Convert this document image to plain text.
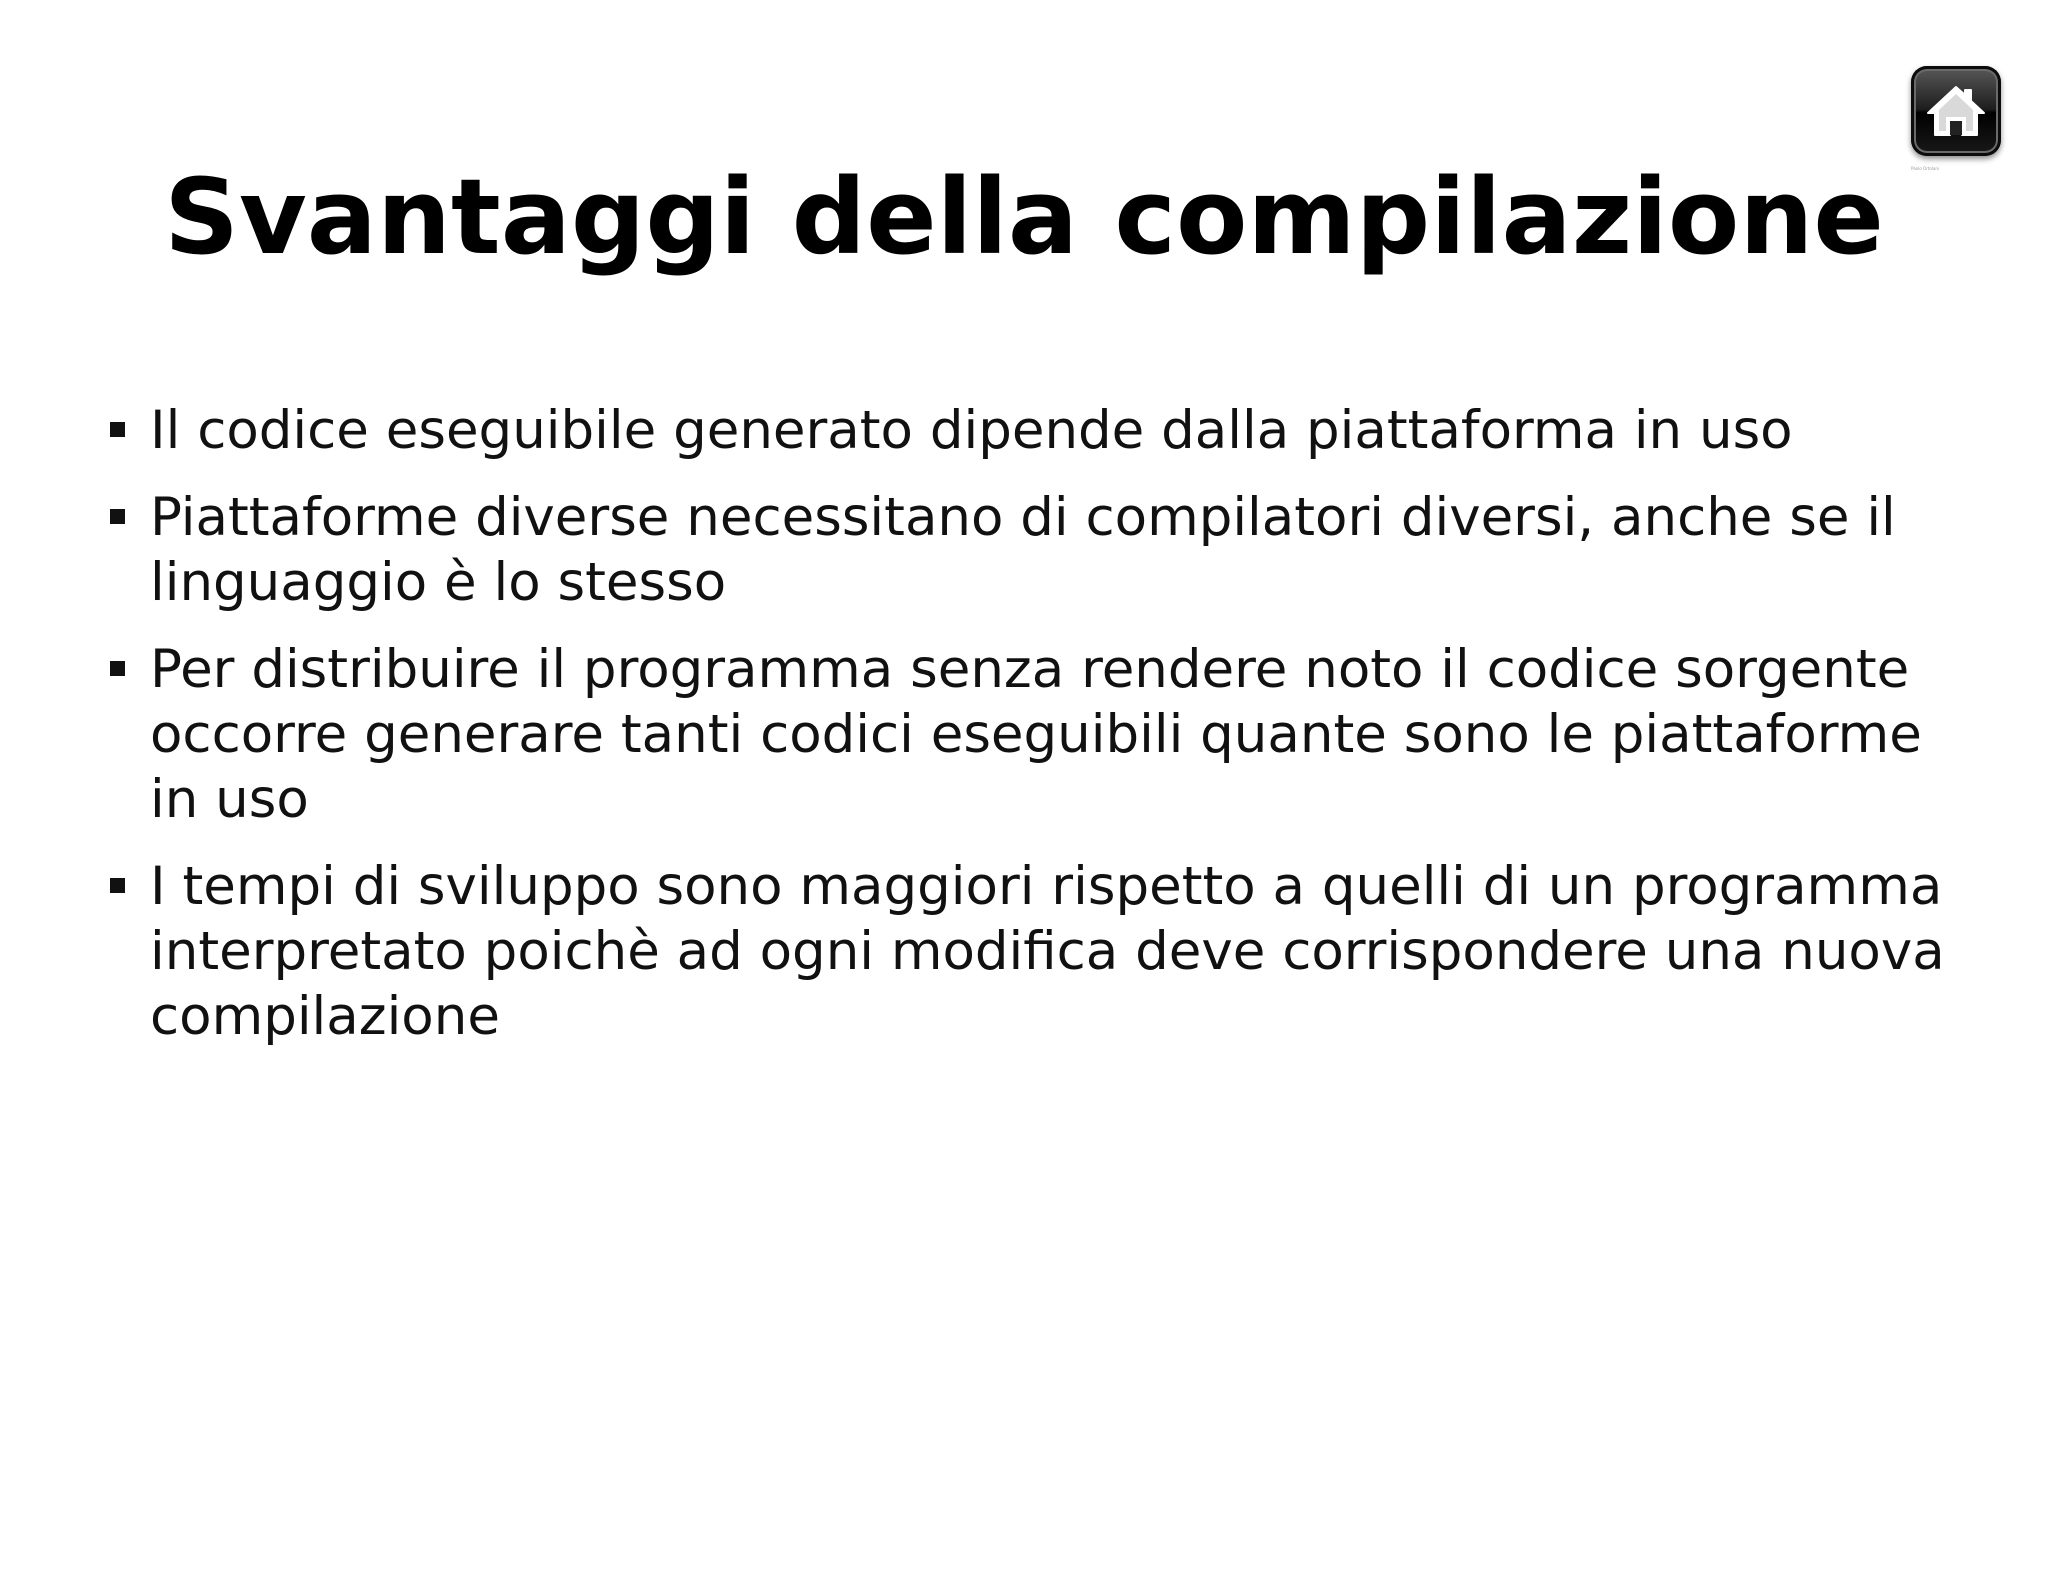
Paolo Ortolani
Svantaggi della compilazione
Il codice eseguibile generato dipende dalla piattaforma in uso
Piattaforme diverse necessitano di compilatori diversi, anche se il linguaggio è lo stesso
Per distribuire il programma senza rendere noto il codice sorgente occorre generare tanti codici eseguibili quante sono le piattaforme in uso
I tempi di sviluppo sono maggiori rispetto a quelli di un programma interpretato poichè ad ogni modifica deve corrispondere una nuova compilazione
